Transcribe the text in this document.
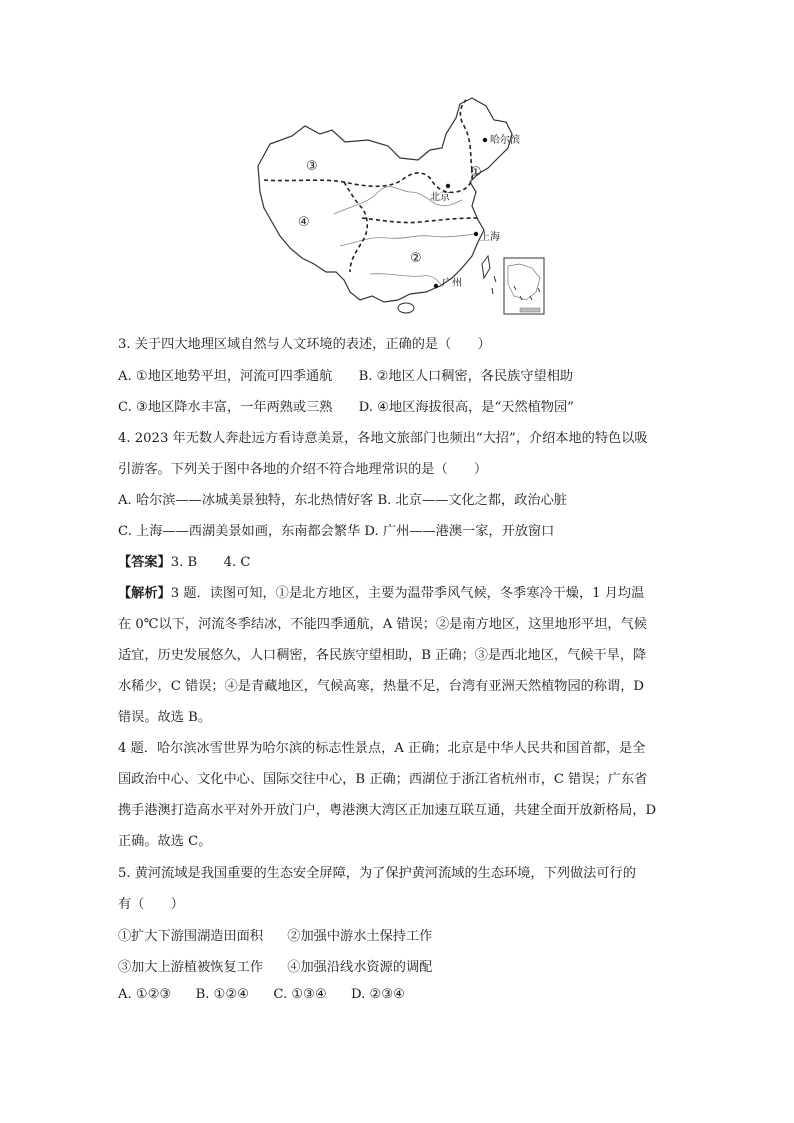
哈尔滨
北京
上海
广州
①
②
③
④
3. 关于四大地理区域自然与人文环境的表述，正确的是（　　）
A. ①地区地势平坦，河流可四季通航 B. ②地区人口稠密，各民族守望相助
C. ③地区降水丰富，一年两熟或三熟 D. ④地区海拔很高，是“天然植物园”
4. 2023 年无数人奔赴远方看诗意美景，各地文旅部门也频出“大招”，介绍本地的特色以吸
引游客。下列关于图中各地的介绍不符合地理常识的是（　　）
A. 哈尔滨——冰城美景独特，东北热情好客 B. 北京——文化之都，政治心脏
C. 上海——西湖美景如画，东南都会繁华 D. 广州——港澳一家，开放窗口
【答案】3. B　　4. C
【解析】3 题．读图可知，①是北方地区，主要为温带季风气候，冬季寒冷干燥，1 月均温
在 0℃以下，河流冬季结冰，不能四季通航，A 错误；②是南方地区，这里地形平坦，气候
适宜，历史发展悠久，人口稠密，各民族守望相助，B 正确；③是西北地区，气候干旱，降
水稀少，C 错误；④是青藏地区，气候高寒，热量不足，台湾有亚洲天然植物园的称谓，D
错误。故选 B。
4 题．哈尔滨冰雪世界为哈尔滨的标志性景点，A 正确；北京是中华人民共和国首都，是全
国政治中心、文化中心、国际交往中心，B 正确；西湖位于浙江省杭州市，C 错误；广东省
携手港澳打造高水平对外开放门户，粤港澳大湾区正加速互联互通，共建全面开放新格局，D
正确。故选 C。
5. 黄河流域是我国重要的生态安全屏障，为了保护黄河流域的生态环境，下列做法可行的
有（　　）
①扩大下游围湖造田面积 ②加强中游水土保持工作
③加大上游植被恢复工作 ④加强沿线水资源的调配
A. ①②③ B. ①②④ C. ①③④ D. ②③④
